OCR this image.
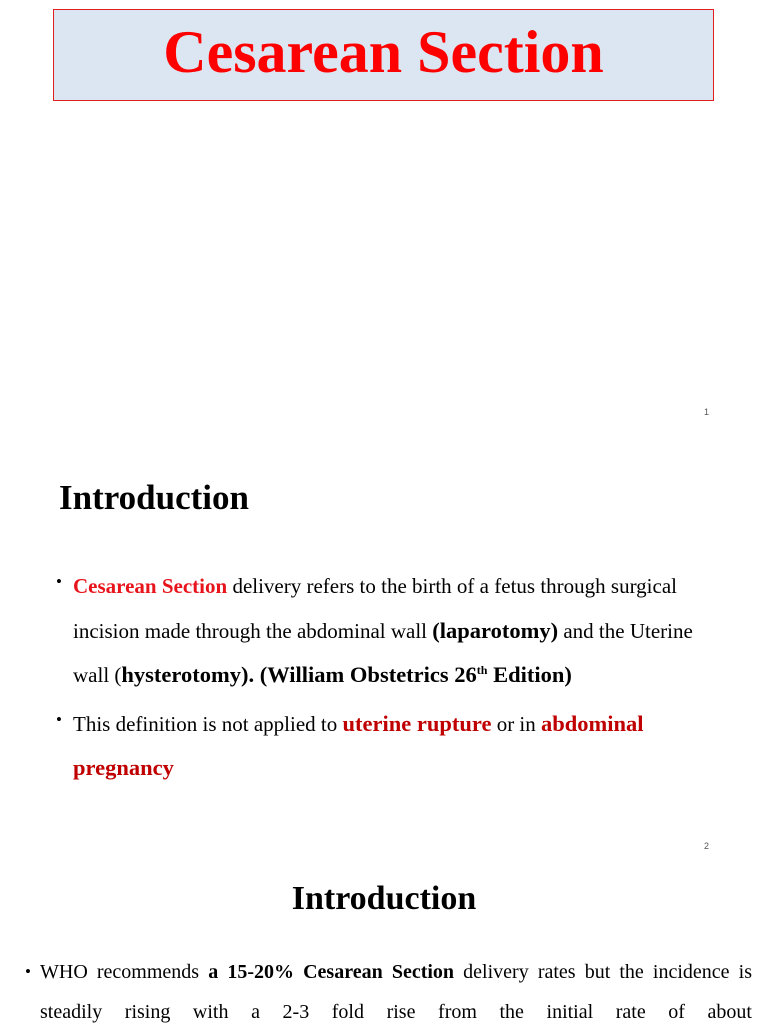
Cesarean Section
1
Introduction
• Cesarean Section delivery refers to the birth of a fetus through surgical incision made through the abdominal wall (laparotomy) and the Uterine wall (hysterotomy). (William Obstetrics 26th Edition)
• This definition is not applied to uterine rupture or in abdominal pregnancy
2
Introduction
• WHO recommends a 15-20% Cesarean Section delivery rates but the incidence is steadily rising with a 2-3 fold rise from the initial rate of about
